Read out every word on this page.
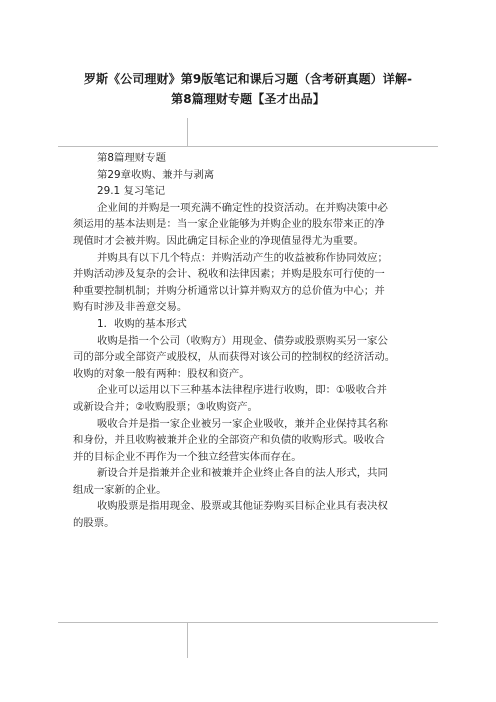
罗斯《公司理财》第9版笔记和课后习题（含考研真题）详解-
第8篇理财专题【圣才出品】

第8篇理财专题

第29章收购、兼并与剥离

29.1 复习笔记

企业间的并购是一项充满不确定性的投资活动。在并购决策中必
须运用的基本法则是：当一家企业能够为并购企业的股东带来正的净
现值时才会被并购。因此确定目标企业的净现值显得尤为重要。

并购具有以下几个特点：并购活动产生的收益被称作协同效应；
并购活动涉及复杂的会计、税收和法律因素；并购是股东可行使的一
种重要控制机制；并购分析通常以计算并购双方的总价值为中心；并
购有时涉及非善意交易。

1．收购的基本形式

收购是指一个公司（收购方）用现金、债券或股票购买另一家公
司的部分或全部资产或股权，从而获得对该公司的控制权的经济活动。
收购的对象一般有两种：股权和资产。

企业可以运用以下三种基本法律程序进行收购，即：①吸收合并
或新设合并；②收购股票；③收购资产。

吸收合并是指一家企业被另一家企业吸收，兼并企业保持其名称
和身份，并且收购被兼并企业的全部资产和负债的收购形式。吸收合
并的目标企业不再作为一个独立经营实体而存在。

新设合并是指兼并企业和被兼并企业终止各自的法人形式，共同
组成一家新的企业。

收购股票是指用现金、股票或其他证券购买目标企业具有表决权
的股票。
